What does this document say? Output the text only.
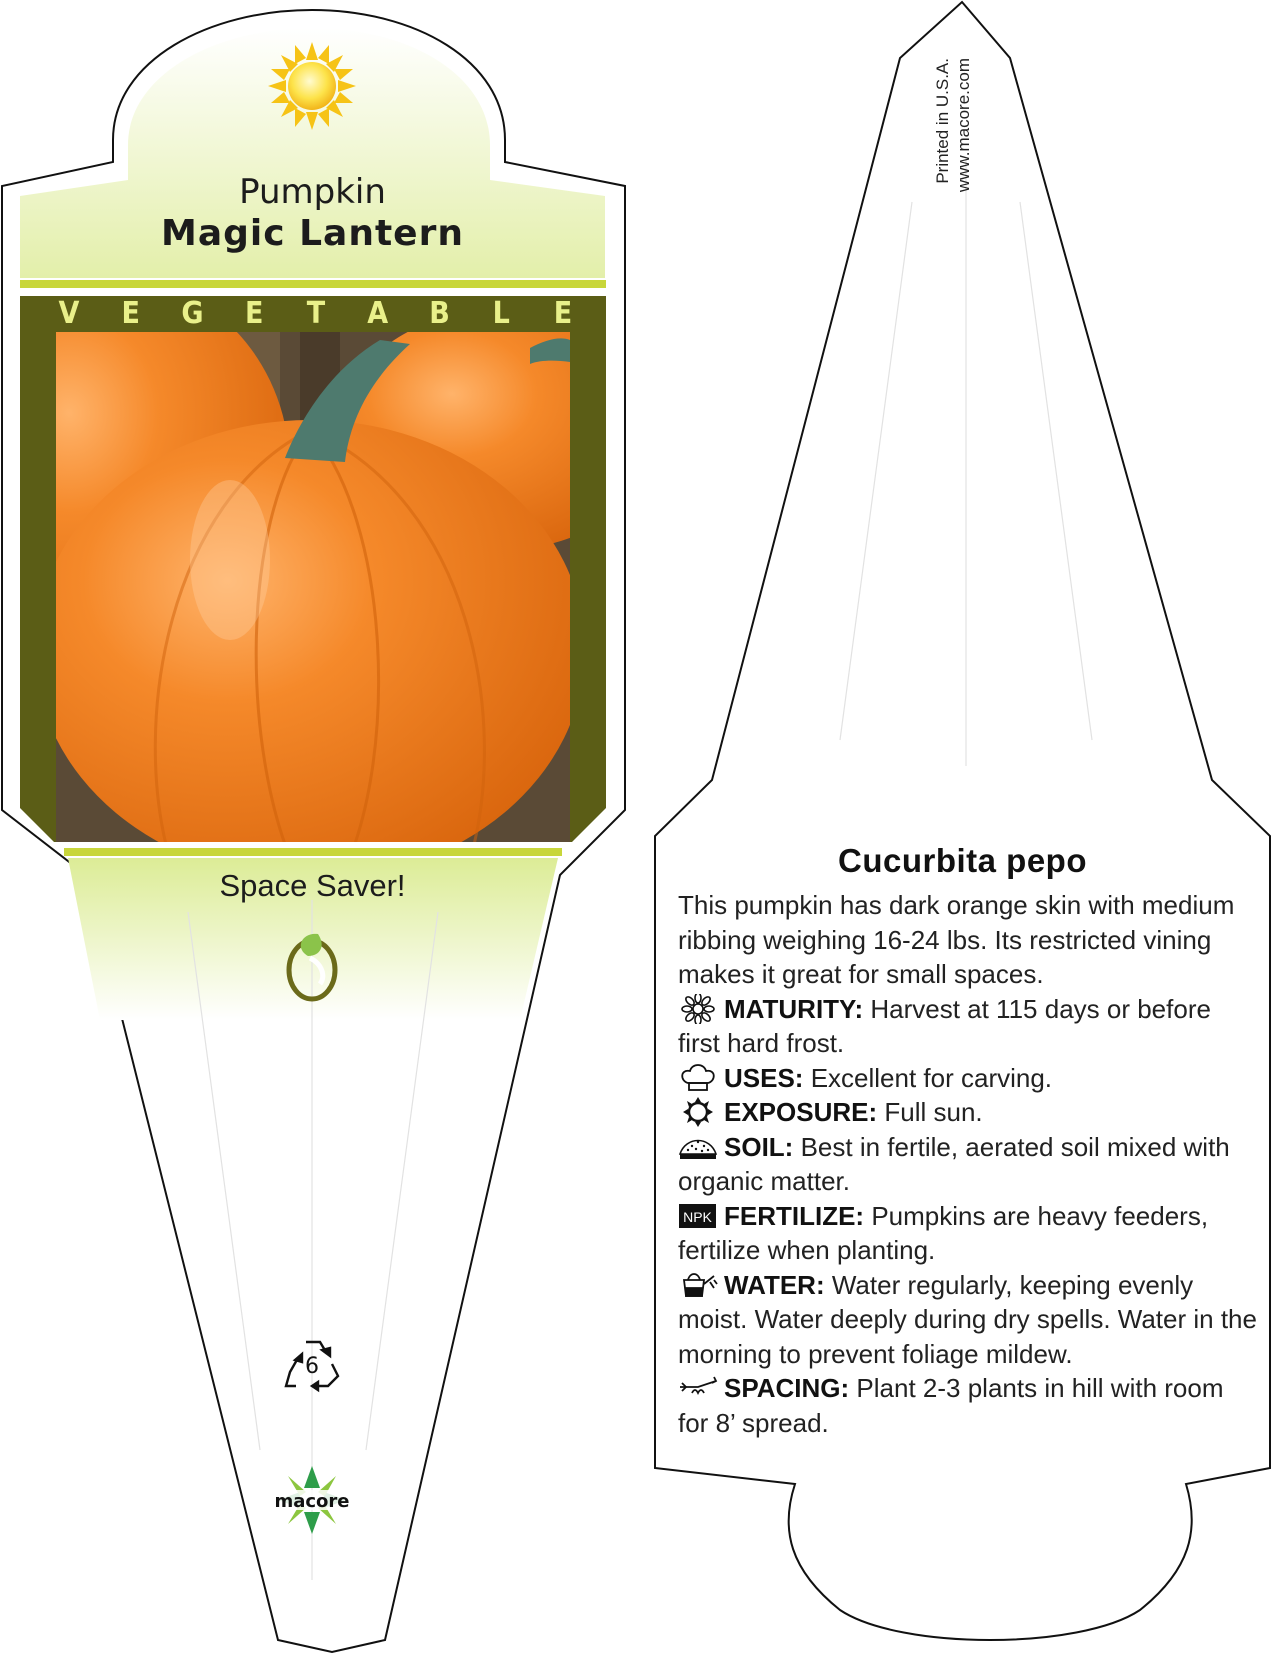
6
macore
Pumpkin
Magic Lantern
V E G E T A B L E
Space Saver!
Printed in U.S.A. www.macore.com
Cucurbita pepo

This pumpkin has dark orange skin with medium ribbing weighing 16-24 lbs. Its restricted vining makes it great for small spaces.

MATURITY: Harvest at 115 days or before first hard frost.

USES: Excellent for carving.

EXPOSURE: Full sun.

SOIL: Best in fertile, aerated soil mixed with organic matter.

NPK FERTILIZE: Pumpkins are heavy feeders, fertilize when planting.

WATER: Water regularly, keeping evenly moist. Water deeply during dry spells. Water in the morning to prevent foliage mildew.

SPACING: Plant 2-3 plants in hill with room for 8’ spread.
